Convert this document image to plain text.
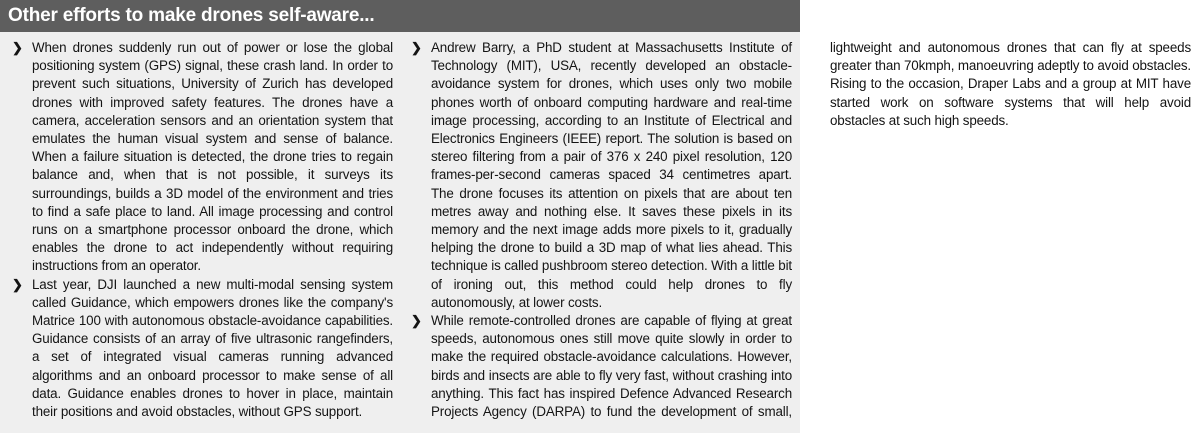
Other efforts to make drones self-aware...

❯ When drones suddenly run out of power or lose the global positioning system (GPS) signal, these crash land. In order to prevent such situations, University of Zurich has developed drones with improved safety features. The drones have a camera, acceleration sensors and an orientation system that emulates the human visual system and sense of balance. When a failure situation is detected, the drone tries to regain balance and, when that is not possible, it surveys its surroundings, builds a 3D model of the environment and tries to find a safe place to land. All image processing and control runs on a smartphone processor onboard the drone, which enables the drone to act independently without requiring instructions from an operator.

❯ Last year, DJI launched a new multi-modal sensing system called Guidance, which empowers drones like the company's Matrice 100 with autonomous obstacle-avoidance capabilities. Guidance consists of an array of five ultrasonic rangefinders, a set of integrated visual cameras running advanced algorithms and an onboard processor to make sense of all data. Guidance enables drones to hover in place, maintain their positions and avoid obstacles, without GPS support.

❯ Andrew Barry, a PhD student at Massachusetts Institute of Technology (MIT), USA, recently developed an obstacle-avoidance system for drones, which uses only two mobile phones worth of onboard computing hardware and real-time image processing, according to an Institute of Electrical and Electronics Engineers (IEEE) report. The solution is based on stereo filtering from a pair of 376 x 240 pixel resolution, 120 frames-per-second cameras spaced 34 centimetres apart. The drone focuses its attention on pixels that are about ten metres away and nothing else. It saves these pixels in its memory and the next image adds more pixels to it, gradually helping the drone to build a 3D map of what lies ahead. This technique is called pushbroom stereo detection. With a little bit of ironing out, this method could help drones to fly autonomously, at lower costs.

❯ While remote-controlled drones are capable of flying at great speeds, autonomous ones still move quite slowly in order to make the required obstacle-avoidance calculations. However, birds and insects are able to fly very fast, without crashing into anything. This fact has inspired Defence Advanced Research Projects Agency (DARPA) to fund the development of small, lightweight and autonomous drones that can fly at speeds greater than 70kmph, manoeuvring adeptly to avoid obstacles. Rising to the occasion, Draper Labs and a group at MIT have started work on software systems that will help avoid obstacles at such high speeds.
